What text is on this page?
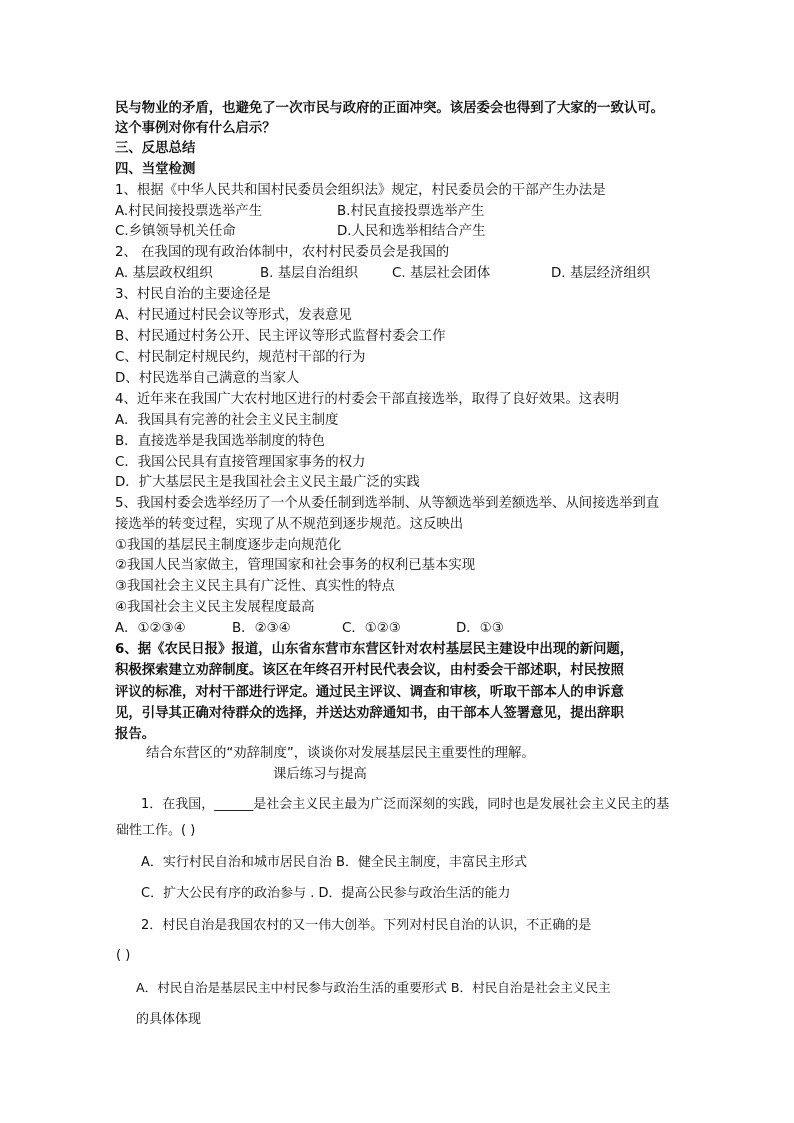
民与物业的矛盾，也避免了一次市民与政府的正面冲突。该居委会也得到了大家的一致认可。
这个事例对你有什么启示？
三、反思总结
四、当堂检测
1、根据《中华人民共和国村民委员会组织法》规定，村民委员会的干部产生办法是
A.村民间接投票选举产生	B.村民直接投票选举产生
C.乡镇领导机关任命	D.人民和选举相结合产生
2、 在我国的现有政治体制中，农村村民委员会是我国的
A. 基层政权组织	B. 基层自治组织	C. 基层社会团体	D. 基层经济组织
3、村民自治的主要途径是
A、村民通过村民会议等形式，发表意见
B、村民通过村务公开、民主评议等形式监督村委会工作
C、村民制定村规民约，规范村干部的行为
D、村民选举自己满意的当家人
4、近年来在我国广大农村地区进行的村委会干部直接选举，取得了良好效果。这表明
A．我国具有完善的社会主义民主制度
B．直接选举是我国选举制度的特色
C．我国公民具有直接管理国家事务的权力
D．扩大基层民主是我国社会主义民主最广泛的实践
5、我国村委会选举经历了一个从委任制到选举制、从等额选举到差额选举、从间接选举到直
接选举的转变过程，实现了从不规范到逐步规范。这反映出
①我国的基层民主制度逐步走向规范化
②我国人民当家做主，管理国家和社会事务的权利已基本实现
③我国社会主义民主具有广泛性、真实性的特点
④我国社会主义民主发展程度最高
A．①②③④	B．②③④	C．①②③	D．①③
6、据《农民日报》报道，山东省东营市东营区针对农村基层民主建设中出现的新问题，
积极探索建立劝辞制度。该区在年终召开村民代表会议，由村委会干部述职，村民按照
评议的标准，对村干部进行评定。通过民主评议、调查和审核，听取干部本人的申诉意
见，引导其正确对待群众的选择，并送达劝辞通知书，由干部本人签署意见，提出辞职
报告。
结合东营区的“劝辞制度”，谈谈你对发展基层民主重要性的理解。
课后练习与提高
1．在我国，______是社会主义民主最为广泛而深刻的实践，同时也是发展社会主义民主的基
础性工作。( )
A．实行村民自治和城市居民自治 B．健全民主制度，丰富民主形式
C．扩大公民有序的政治参与 . D．提高公民参与政治生活的能力
2．村民自治是我国农村的又一伟大创举。下列对村民自治的认识，不正确的是
( )
A．村民自治是基层民主中村民参与政治生活的重要形式 B．村民自治是社会主义民主
的具体体现
